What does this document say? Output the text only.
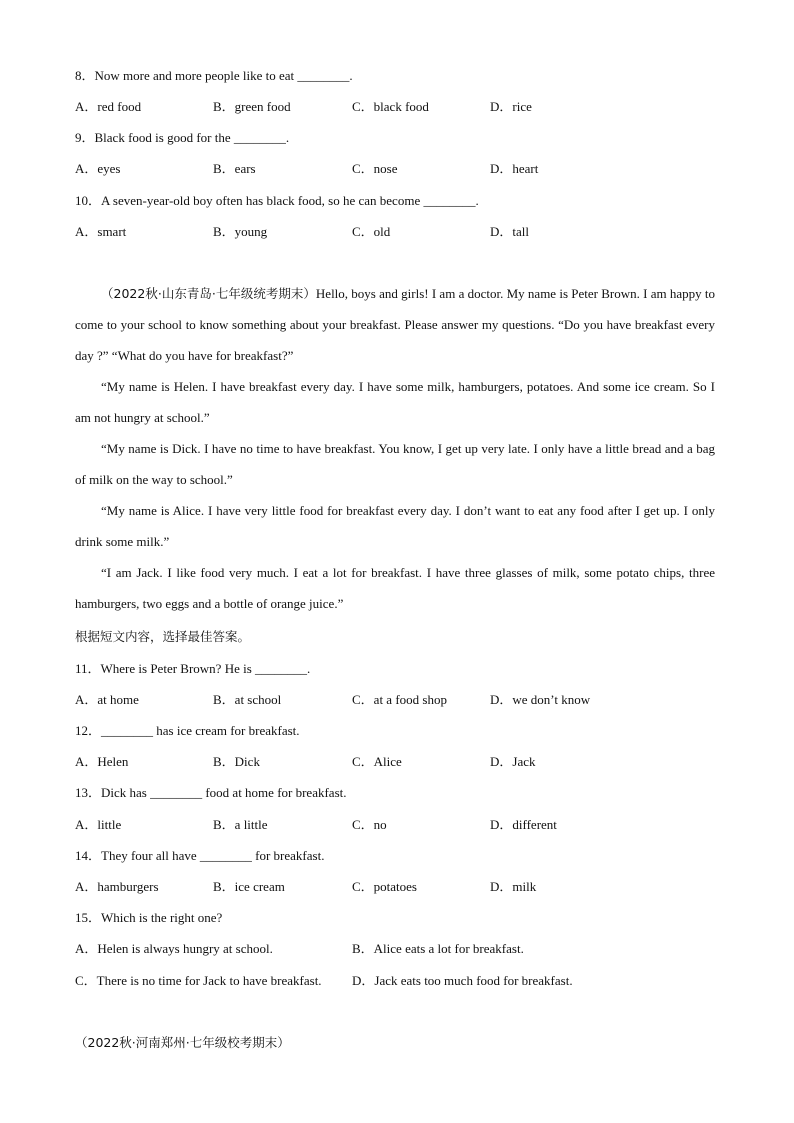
8．Now more and more people like to eat ________.
A．red food	B．green food	C．black food	D．rice
9．Black food is good for the ________.
A．eyes	B．ears	C．nose	D．heart
10．A seven-year-old boy often has black food, so he can become ________.
A．smart	B．young	C．old	D．tall

（2022秋·山东青岛·七年级统考期末）Hello, boys and girls! I am a doctor. My name is Peter Brown. I am happy to come to your school to know something about your breakfast. Please answer my questions. “Do you have breakfast every day ?” “What do you have for breakfast?”

“My name is Helen. I have breakfast every day. I have some milk, hamburgers, potatoes. And some ice cream. So I am not hungry at school.”

“My name is Dick. I have no time to have breakfast. You know, I get up very late. I only have a little bread and a bag of milk on the way to school.”

“My name is Alice. I have very little food for breakfast every day. I don’t want to eat any food after I get up. I only drink some milk.”

“I am Jack. I like food very much. I eat a lot for breakfast. I have three glasses of milk, some potato chips, three hamburgers, two eggs and a bottle of orange juice.”

根据短文内容，选择最佳答案。
11．Where is Peter Brown? He is ________.
A．at home	B．at school	C．at a food shop	D．we don’t know
12．________ has ice cream for breakfast.
A．Helen	B．Dick	C．Alice	D．Jack
13．Dick has ________ food at home for breakfast.
A．little	B．a little	C．no	D．different
14．They four all have ________ for breakfast.
A．hamburgers	B．ice cream	C．potatoes	D．milk
15．Which is the right one?
A．Helen is always hungry at school.	B．Alice eats a lot for breakfast.
C．There is no time for Jack to have breakfast. D．Jack eats too much food for breakfast.
（2022秋·河南郑州·七年级校考期末）
